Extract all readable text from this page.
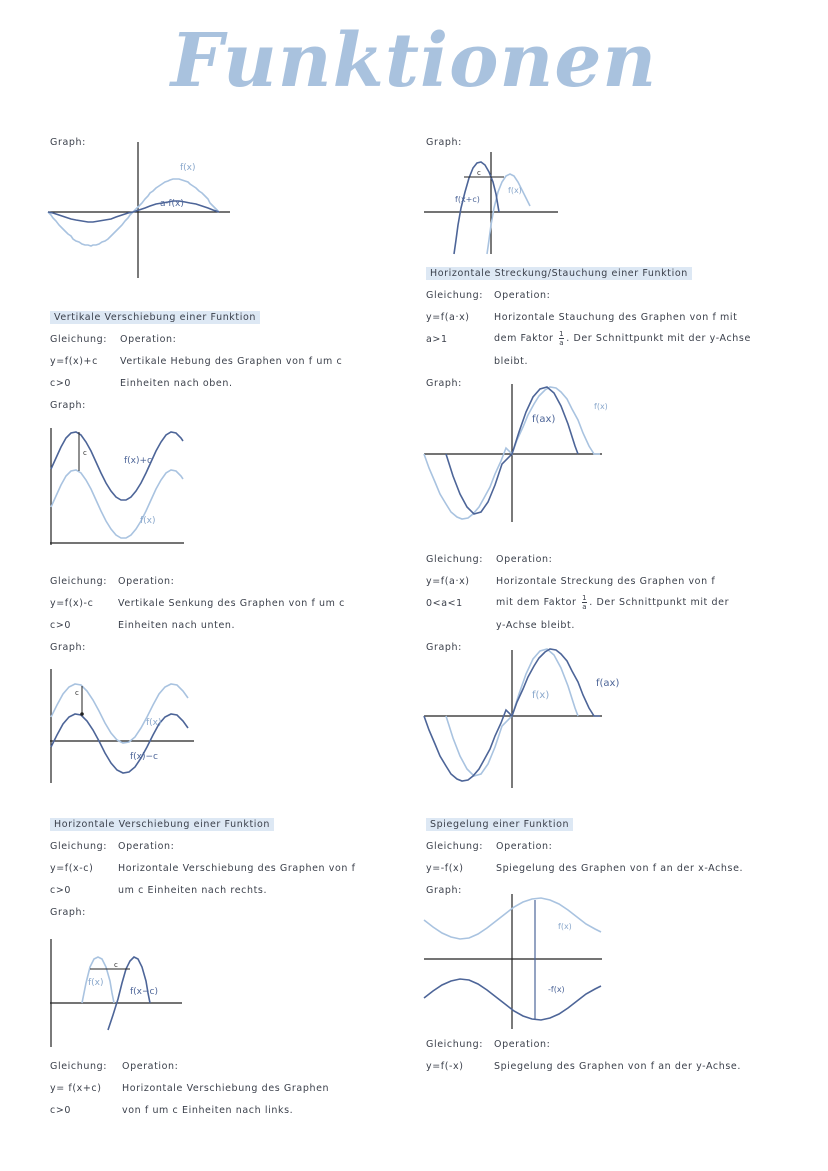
Funktionen
Graph:
f(x)
a·f(x)
Vertikale Verschiebung einer Funktion
Gleichung: Operation:
y=f(x)+c Vertikale Hebung des Graphen von f um c
c>0	Einheiten nach oben.
Graph:
c
f(x)+c
f(x)
Gleichung: Operation:
y=f(x)-c	Vertikale Senkung des Graphen von f um c
c>0	Einheiten nach unten.
Graph:
c
f(x)
f(x)−c
Horizontale Verschiebung einer Funktion
Gleichung: Operation:
y=f(x-c)	Horizontale Verschiebung des Graphen von f
c>0	um c Einheiten nach rechts.
Graph:
c
f(x)
f(x−c)
Gleichung: Operation:
y= f(x+c) Horizontale Verschiebung des Graphen
c>0	von f um c Einheiten nach links.
Graph:
c
f(x)
f(x+c)
Horizontale Streckung/Stauchung einer Funktion
Gleichung: Operation:
y=f(a·x)	Horizontale Stauchung des Graphen von f mit
a>1	dem Faktor $\frac{1}{a}$ . Der Schnittpunkt mit der y-Achse
bleibt.
Graph:
f(ax)
f(x)
Gleichung: Operation:
y=f(a·x)	Horizontale Streckung des Graphen von f
0<a<1	mit dem Faktor $\frac{1}{a}$ . Der Schnittpunkt mit der
y-Achse bleibt.
Graph:
f(x)
f(ax)
Spiegelung einer Funktion
Gleichung: Operation:
y=-f(x)	Spiegelung des Graphen von f an der x-Achse.
Graph:
f(x)
-f(x)
Gleichung: Operation:
y=f(-x)	Spiegelung des Graphen von f an der y-Achse.
